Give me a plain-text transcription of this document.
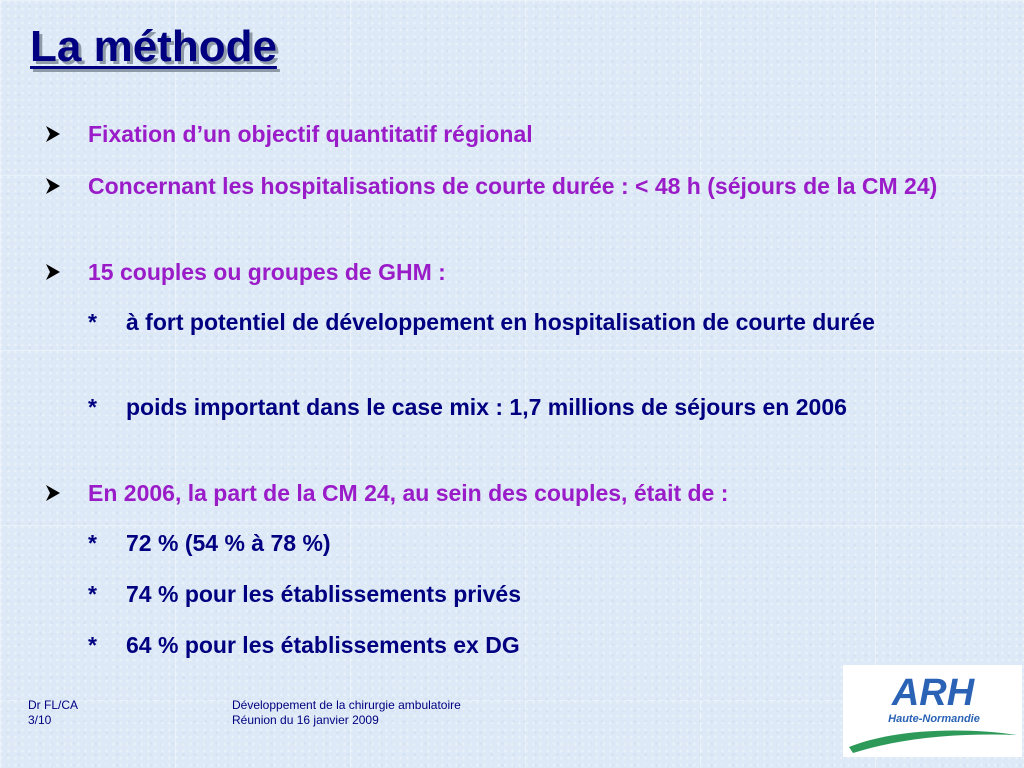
La méthode
Fixation d’un objectif quantitatif régional
Concernant les hospitalisations de courte durée : < 48 h (séjours de la CM 24)
15 couples ou groupes de GHM :
* à fort potentiel de développement en hospitalisation de courte durée
* poids important dans le case mix : 1,7 millions de séjours en 2006
En 2006, la part de la CM 24, au sein des couples, était de :
* 72 % (54 % à 78 %)
* 74 % pour les établissements privés
* 64 % pour les établissements ex DG
Dr FL/CA
3/10
Développement de la chirurgie ambulatoire
Réunion du 16 janvier 2009
ARH
Haute-Normandie
